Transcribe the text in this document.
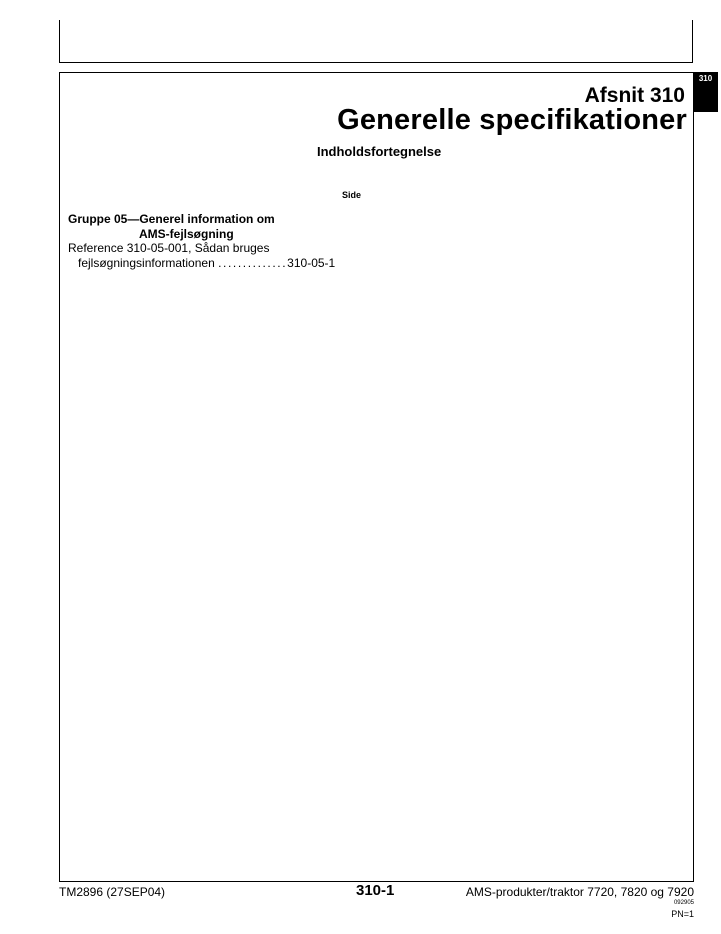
310
Afsnit 310
Generelle specifikationer
Indholdsfortegnelse
Side
Gruppe 05—Generel information om
AMS-fejlsøgning
Reference 310-05-001, Sådan bruges
fejlsøgningsinformationen ..............310-05-1
TM2896 (27SEP04)	310-1	AMS-produkter/traktor 7720, 7820 og 7920
092905
PN=1
